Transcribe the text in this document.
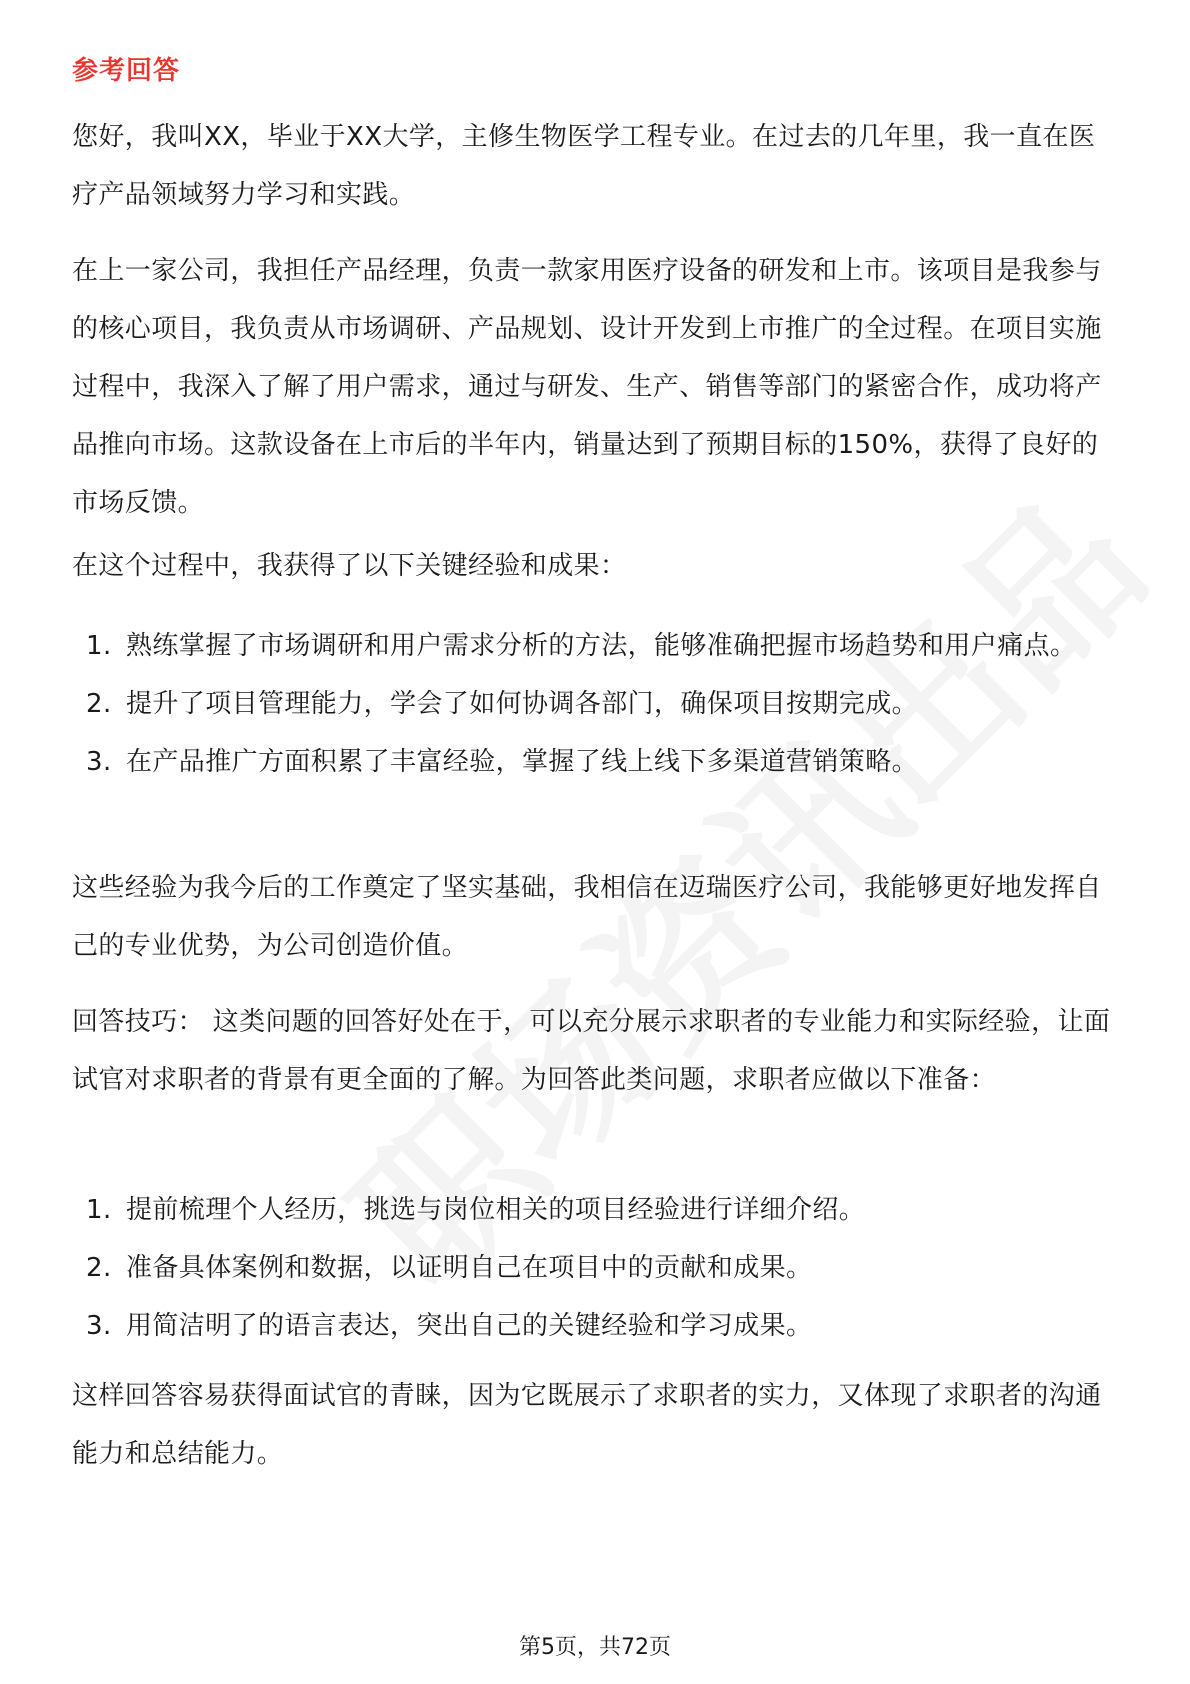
参考回答
您好，我叫XX，毕业于XX大学，主修生物医学工程专业。在过去的几年里，我一直在医疗产品领域努力学习和实践。
在上一家公司，我担任产品经理，负责一款家用医疗设备的研发和上市。该项目是我参与的核心项目，我负责从市场调研、产品规划、设计开发到上市推广的全过程。在项目实施过程中，我深入了解了用户需求，通过与研发、生产、销售等部门的紧密合作，成功将产品推向市场。这款设备在上市后的半年内，销量达到了预期目标的150%，获得了良好的市场反馈。
在这个过程中，我获得了以下关键经验和成果：
1. 熟练掌握了市场调研和用户需求分析的方法，能够准确把握市场趋势和用户痛点。
2. 提升了项目管理能力，学会了如何协调各部门，确保项目按期完成。
3. 在产品推广方面积累了丰富经验，掌握了线上线下多渠道营销策略。
这些经验为我今后的工作奠定了坚实基础，我相信在迈瑞医疗公司，我能够更好地发挥自己的专业优势，为公司创造价值。
回答技巧： 这类问题的回答好处在于，可以充分展示求职者的专业能力和实际经验，让面试官对求职者的背景有更全面的了解。为回答此类问题，求职者应做以下准备：
1. 提前梳理个人经历，挑选与岗位相关的项目经验进行详细介绍。
2. 准备具体案例和数据，以证明自己在项目中的贡献和成果。
3. 用简洁明了的语言表达，突出自己的关键经验和学习成果。
这样回答容易获得面试官的青睐，因为它既展示了求职者的实力，又体现了求职者的沟通能力和总结能力。
第5页，共72页
